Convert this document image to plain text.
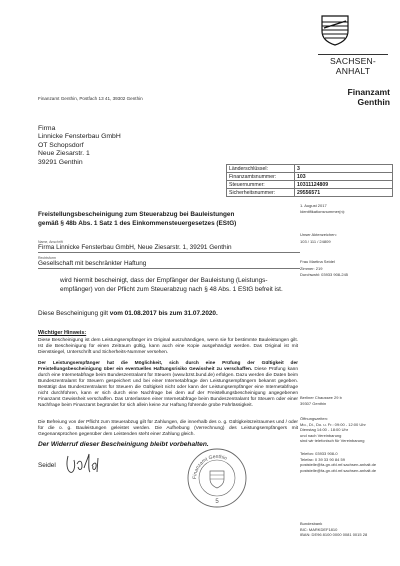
SACHSEN-ANHALT
Finanzamt
Genthin
Finanzamt Genthin, Postfach 13 41, 39302 Genthin
Firma
Linnicke Fensterbau GmbH
OT Schopsdorf
Neue Ziesarstr. 1
39291 Genthin
Länderschlüssel:	3
Finanzamtsnummer:	103
Steuernummer:	10311124809
Sicherheitsnummer:	29556571
1. August 2017
Identifikationsnummer(n):
Unser Aktenzeichen:
103 / 111 / 24809
Frau Martina Seidel
Zimmer: 219
Durchwahl: 03933 908-245
Berliner Chaussee 29 b
39307 Genthin
Öffnungszeiten:
Mo., Di., Do. u. Fr.: 09:00 - 12:00 Uhr
Dienstag 14:00 - 18:00 Uhr
und nach Vereinbarung
sind wir telefonisch für Vereinbarung
Telefon: 03933 908-0
Telefax: 0 39 33 90 84 59
poststelle@fa-gn.ofd.mf.sachsen-anhalt.de
poststelle@fa-gn.ofd.mf.sachsen-anhalt.de
Bundesbank
BIC: MARKDEF1810
IBAN: DE96 8100 0000 0081 0015 28
Freistellungsbescheinigung zum Steuerabzug bei Bauleistungen
gemäß § 48b Abs. 1 Satz 1 des Einkommensteuergesetzes (EStG)
Name, Anschrift
Firma Linnicke Fensterbau GmbH, Neue Ziesarstr. 1, 39291 Genthin
Rechtsform
Gesellschaft mit beschränkter Haftung
wird hiermit bescheinigt, dass der Empfänger der Bauleistung (Leistungs-empfänger) von der Pflicht zum Steuerabzug nach § 48 Abs. 1 EStG befreit ist.
Diese Bescheinigung gilt vom 01.08.2017 bis zum 31.07.2020.
Wichtiger Hinweis:
Diese Bescheinigung ist dem Leistungsempfänger im Original auszuhändigen, wenn sie für bestimmte Bauleistungen gilt. Ist die Bescheinigung für einen Zeitraum gültig, kann auch eine Kopie ausgehändigt werden. Das Original ist mit Dienstsiegel, Unterschrift und Sicherheits-Nummer versehen.
Der Leistungsempfänger hat die Möglichkeit, sich durch eine Prüfung der Gültigkeit der Freistellungsbescheinigung über ein eventuelles Haftungsrisiko Gewissheit zu verschaffen. Diese Prüfung kann durch eine Internetabfrage beim Bundeszentralamt für Steuern (www.bzst.bund.de) erfolgen. Dazu werden die Daten beim Bundeszentralamt für Steuern gespeichert und bei einer Internetabfrage den Leistungsempfängern bekannt gegeben. Bestätigt das Bundeszentralamt für Steuern die Gültigkeit nicht oder kann der Leistungsempfänger eine Internetabfrage nicht durchführen, kann er sich durch eine Nachfrage bei dem auf der Freistellungsbescheinigung angegebenen Finanzamt Gewissheit verschaffen. Das Unterlassen einer Internetabfrage beim Bundeszentralamt für Steuern oder einer Nachfrage beim Finanzamt begründet für sich allein keine zur Haftung führende grobe Fahrlässigkeit.
Die Befreiung von der Pflicht zum Steuerabzug gilt für Zahlungen, die innerhalb des o. g. Gültigkeitszeitraumes und / oder für die o. g. Bauleistungen geleistet werden. Die Aufhebung (Verrechnung) des Leistungsempfängers mit Gegenansprüchen gegenüber dem Leistenden steht einer Zahlung gleich.
Der Widerruf dieser Bescheinigung bleibt vorbehalten.
Seidel
Finanzamt Genthin
5
